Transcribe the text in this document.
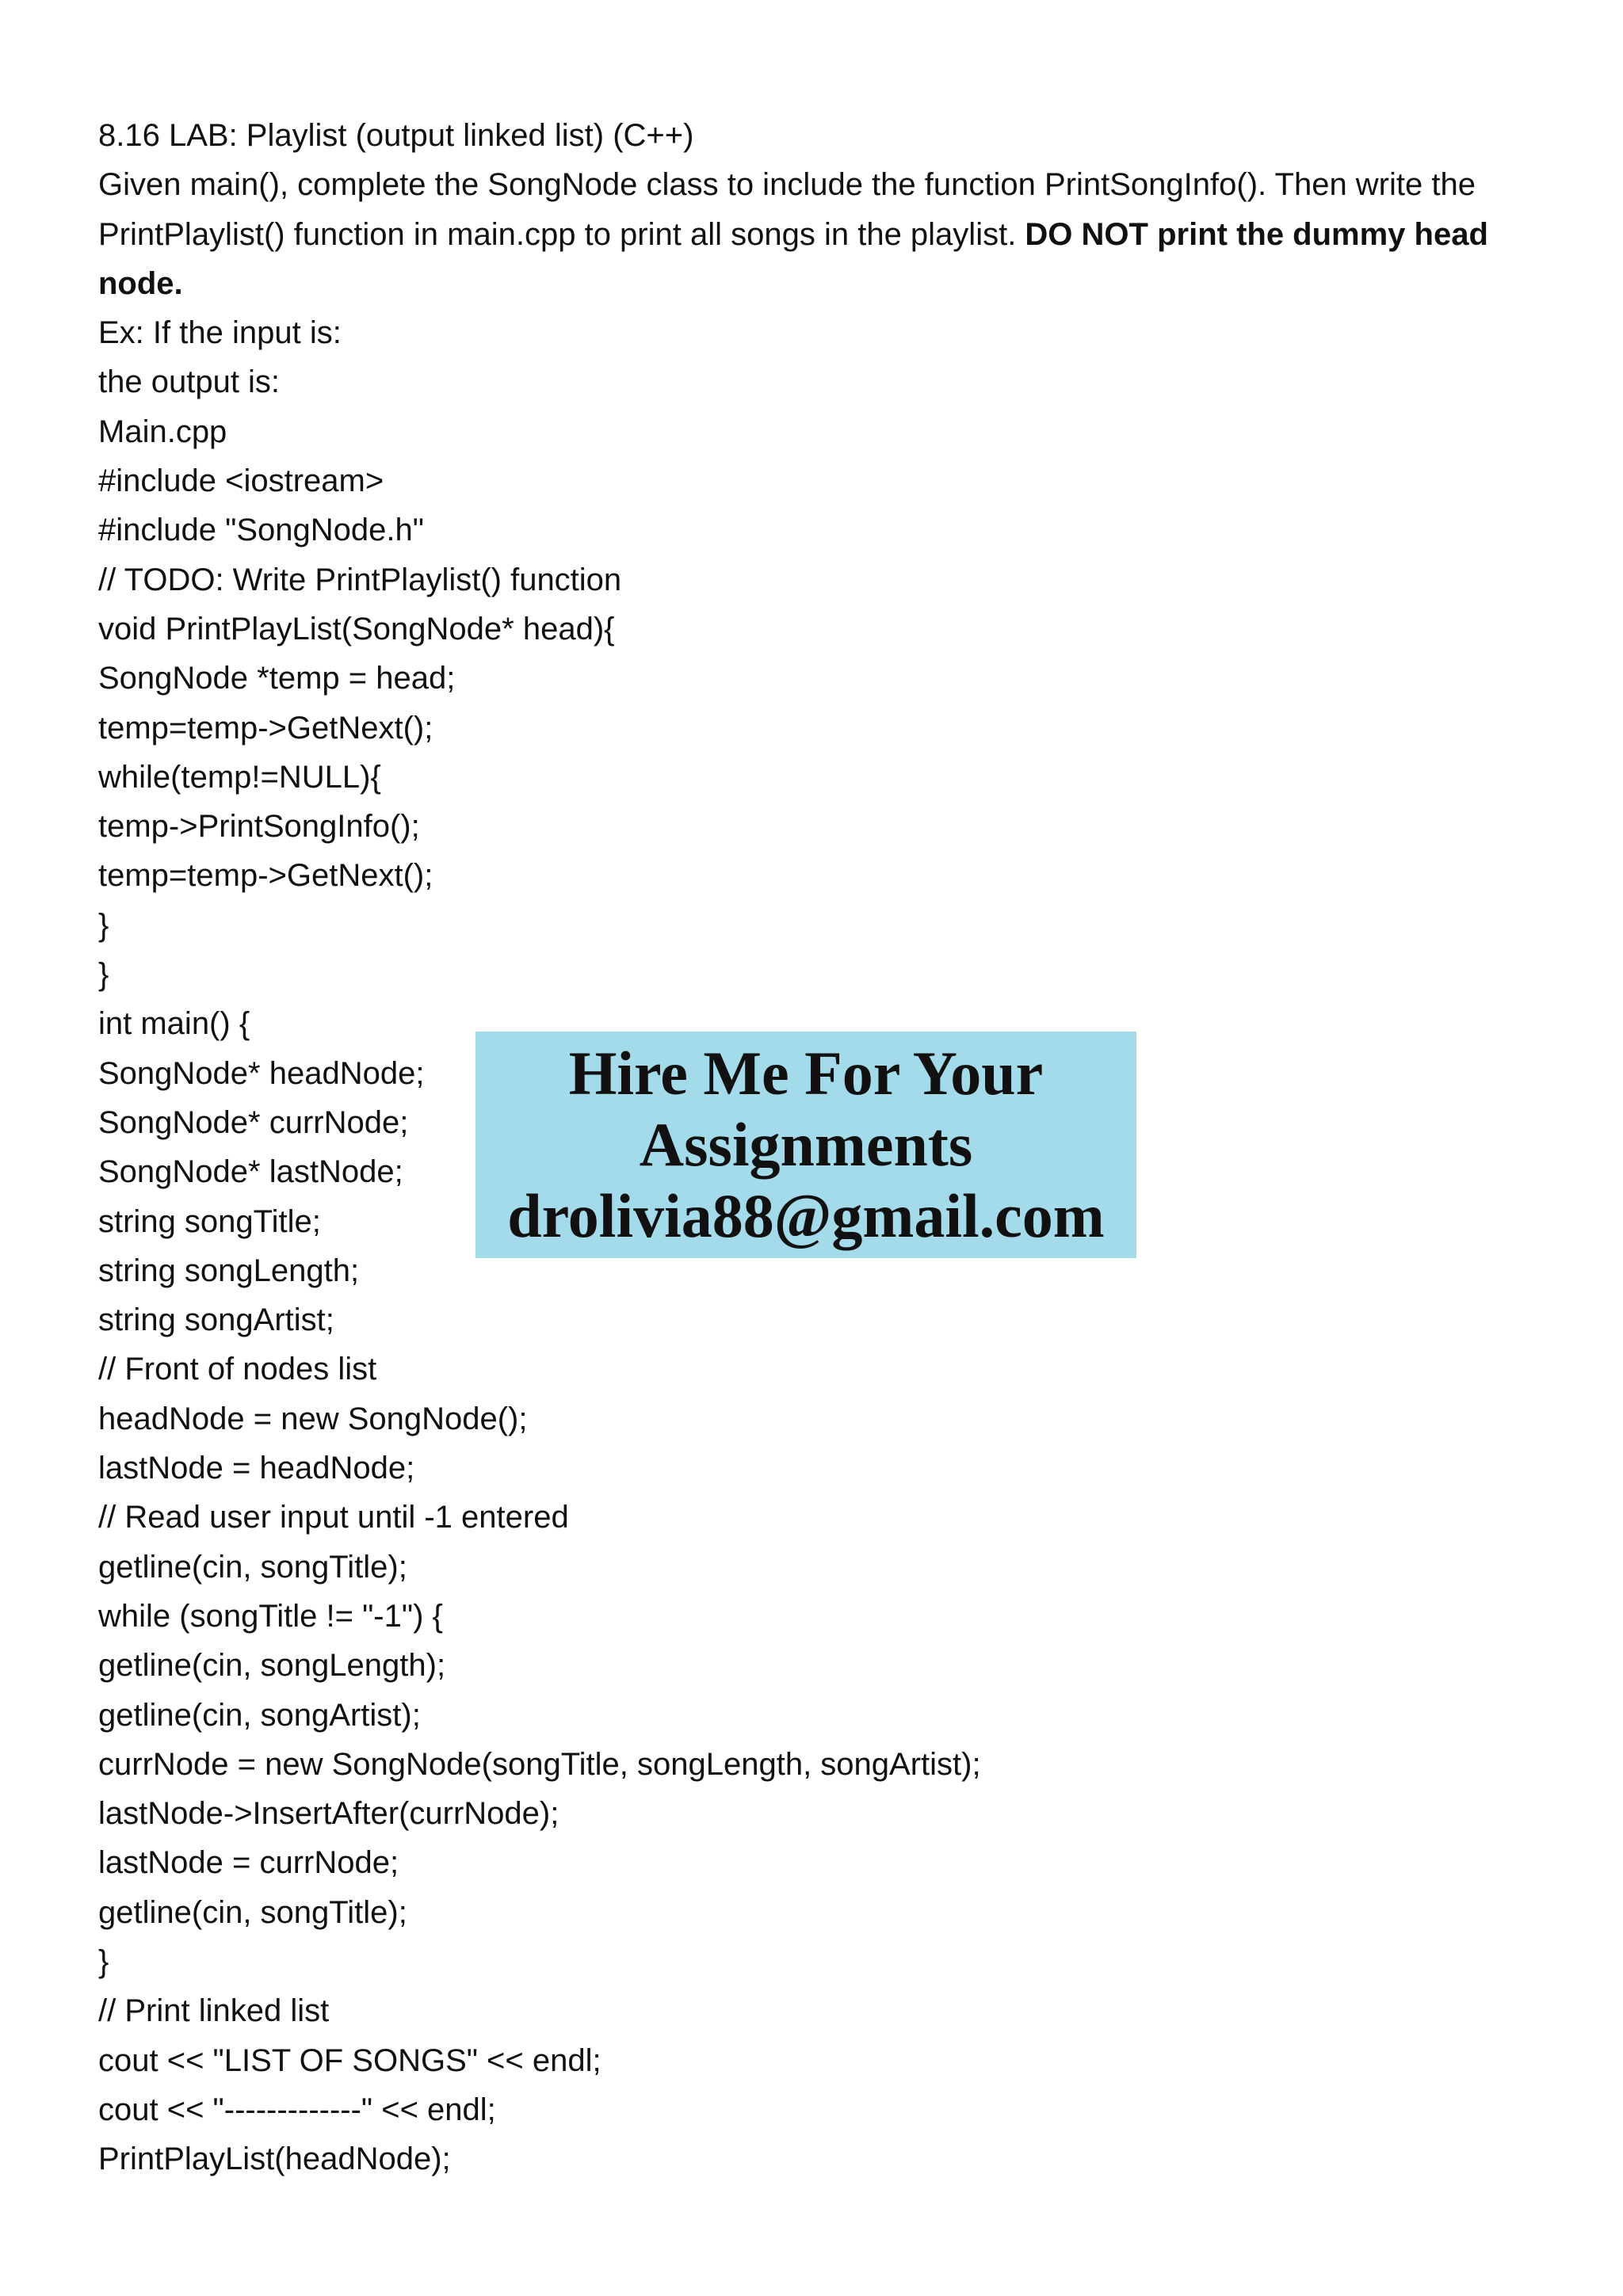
8.16 LAB: Playlist (output linked list) (C++)
Given main(), complete the SongNode class to include the function PrintSongInfo(). Then write the PrintPlaylist() function in main.cpp to print all songs in the playlist. DO NOT print the dummy head node.
Ex: If the input is:
the output is:
Main.cpp
#include <iostream>
#include "SongNode.h"
// TODO: Write PrintPlaylist() function
void PrintPlayList(SongNode* head){
SongNode *temp = head;
temp=temp->GetNext();
while(temp!=NULL){
temp->PrintSongInfo();
temp=temp->GetNext();
}
}
int main() {
SongNode* headNode;
SongNode* currNode;
SongNode* lastNode;
string songTitle;
string songLength;
string songArtist;
// Front of nodes list
headNode = new SongNode();
lastNode = headNode;
// Read user input until -1 entered
getline(cin, songTitle);
while (songTitle != "-1") {
getline(cin, songLength);
getline(cin, songArtist);
currNode = new SongNode(songTitle, songLength, songArtist);
lastNode->InsertAfter(currNode);
lastNode = currNode;
getline(cin, songTitle);
}
// Print linked list
cout << "LIST OF SONGS" << endl;
cout << "-------------" << endl;
PrintPlayList(headNode);
Hire Me For Your
Assignments
drolivia88@gmail.com
